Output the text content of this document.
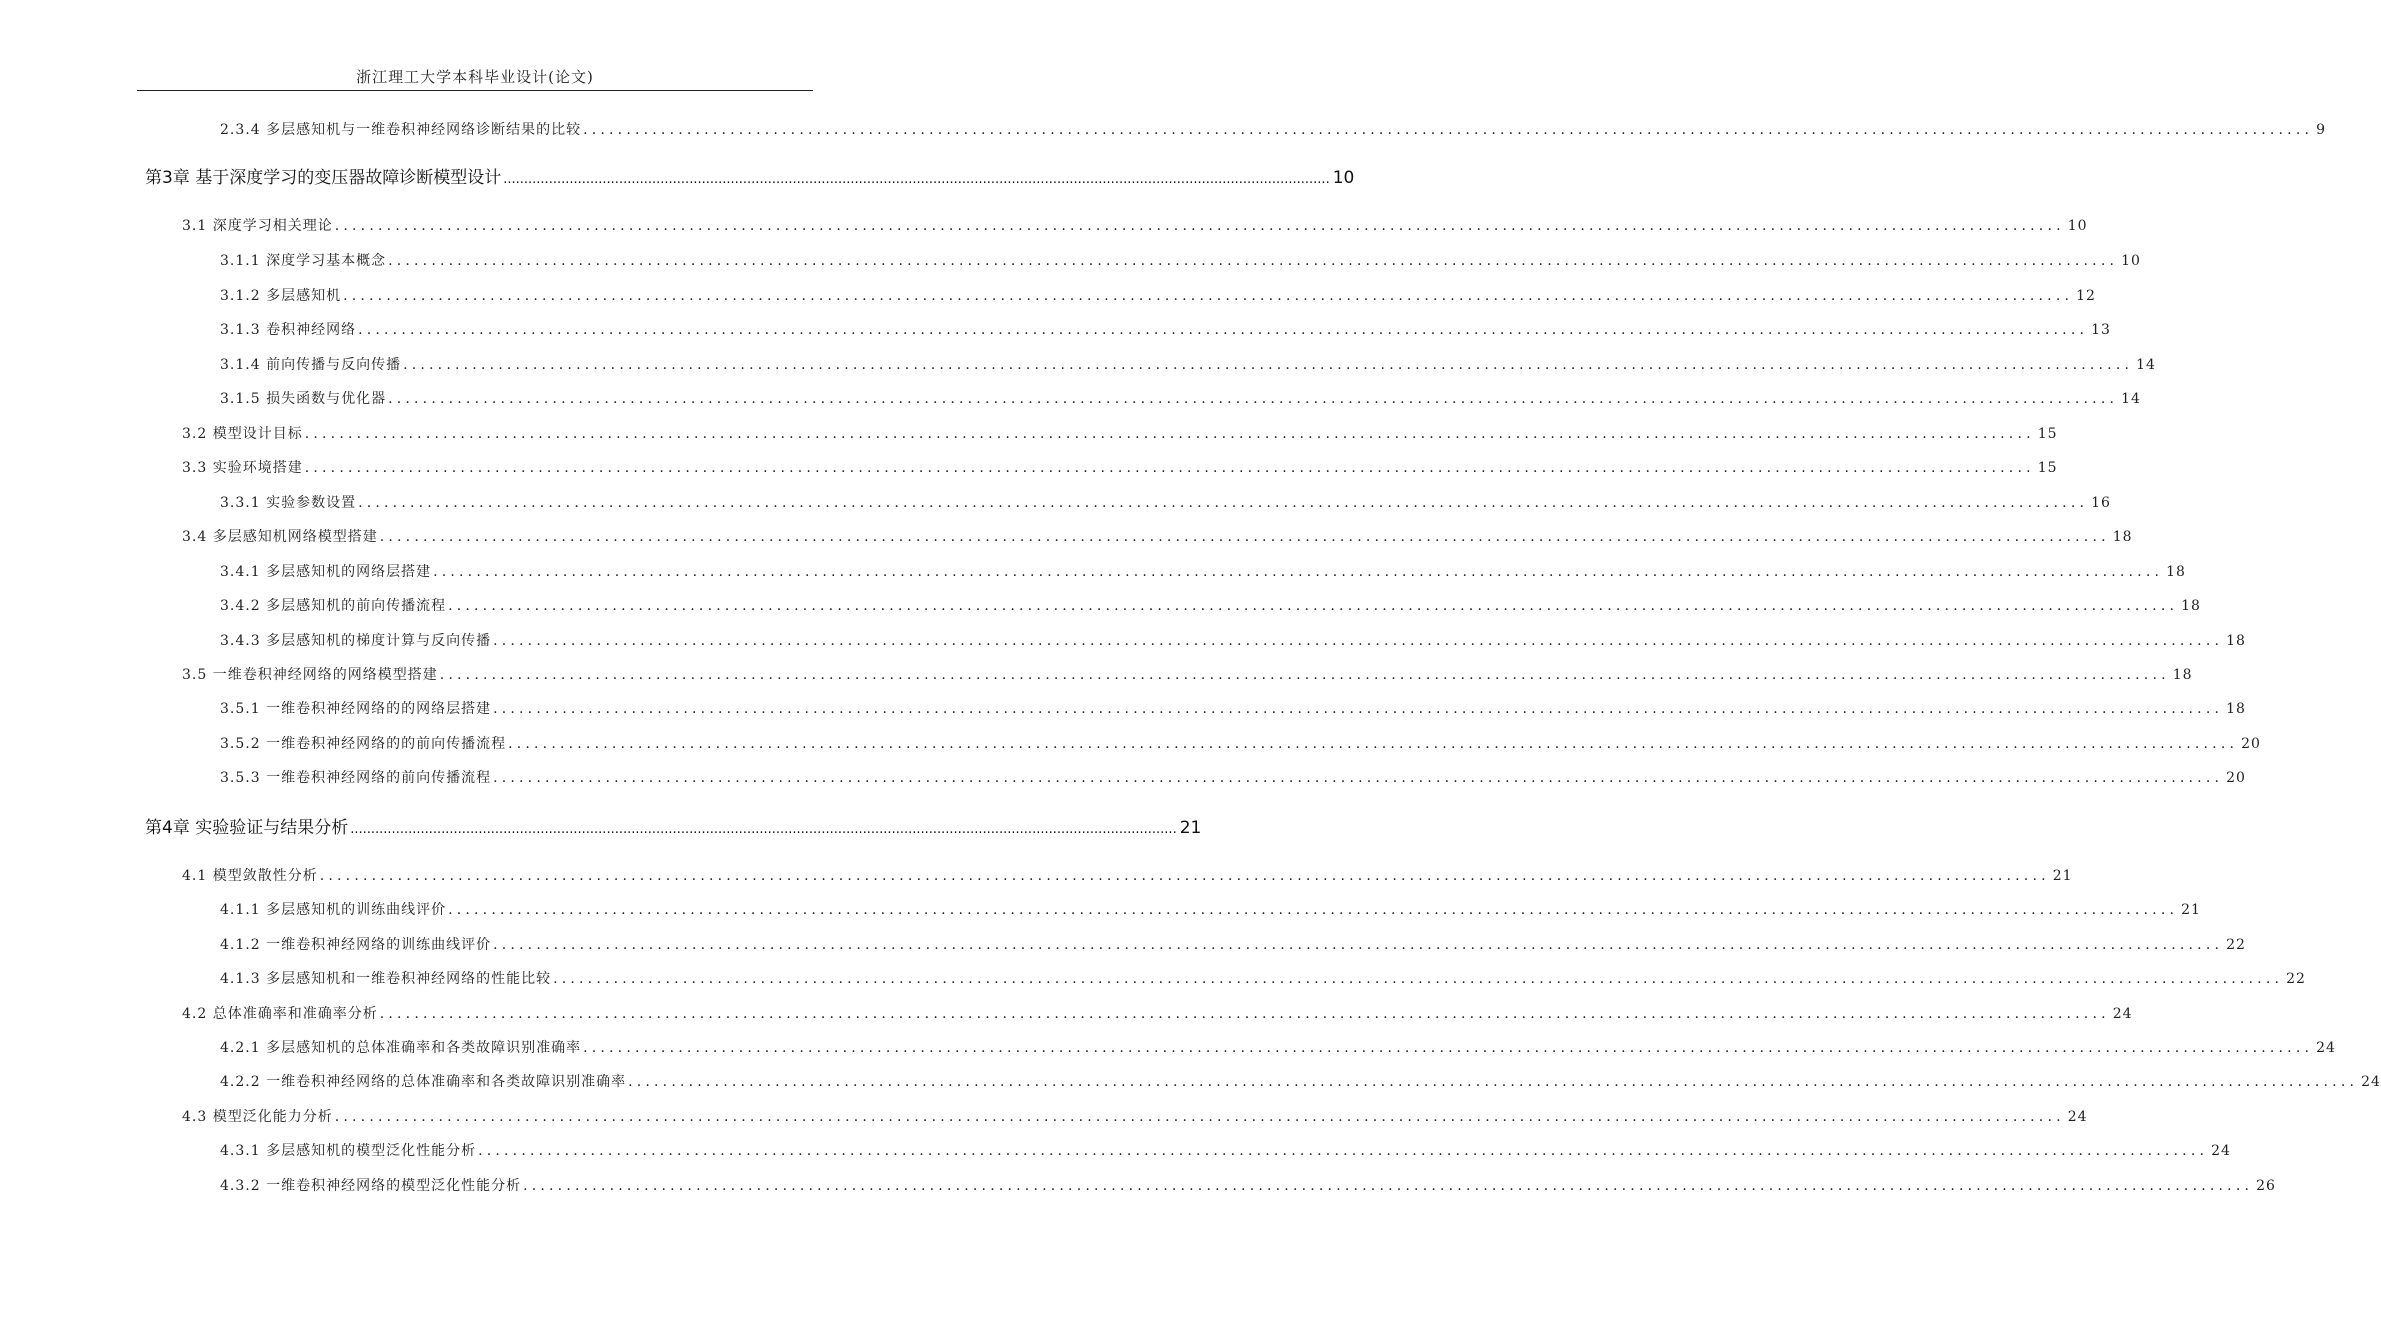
浙江理工大学本科毕业设计(论文)
2.3.4 多层感知机与一维卷积神经网络诊断结果的比较 ........................................................................................................................................................................................................ 9
第3章 基于深度学习的变压器故障诊断模型设计 ........................................................................................................................................................................................................ 10
3.1 深度学习相关理论 ........................................................................................................................................................................................................ 10
3.1.1 深度学习基本概念 ........................................................................................................................................................................................................ 10
3.1.2 多层感知机 ........................................................................................................................................................................................................ 12
3.1.3 卷积神经网络 ........................................................................................................................................................................................................ 13
3.1.4 前向传播与反向传播 ........................................................................................................................................................................................................ 14
3.1.5 损失函数与优化器 ........................................................................................................................................................................................................ 14
3.2 模型设计目标 ........................................................................................................................................................................................................ 15
3.3 实验环境搭建 ........................................................................................................................................................................................................ 15
3.3.1 实验参数设置 ........................................................................................................................................................................................................ 16
3.4 多层感知机网络模型搭建 ........................................................................................................................................................................................................ 18
3.4.1 多层感知机的网络层搭建 ........................................................................................................................................................................................................ 18
3.4.2 多层感知机的前向传播流程 ........................................................................................................................................................................................................ 18
3.4.3 多层感知机的梯度计算与反向传播 ........................................................................................................................................................................................................ 18
3.5 一维卷积神经网络的网络模型搭建 ........................................................................................................................................................................................................ 18
3.5.1 一维卷积神经网络的的网络层搭建 ........................................................................................................................................................................................................ 18
3.5.2 一维卷积神经网络的的前向传播流程 ........................................................................................................................................................................................................ 20
3.5.3 一维卷积神经网络的前向传播流程 ........................................................................................................................................................................................................ 20
第4章 实验验证与结果分析 ........................................................................................................................................................................................................ 21
4.1 模型敛散性分析 ........................................................................................................................................................................................................ 21
4.1.1 多层感知机的训练曲线评价 ........................................................................................................................................................................................................ 21
4.1.2 一维卷积神经网络的训练曲线评价 ........................................................................................................................................................................................................ 22
4.1.3 多层感知机和一维卷积神经网络的性能比较 ........................................................................................................................................................................................................ 22
4.2 总体准确率和准确率分析 ........................................................................................................................................................................................................ 24
4.2.1 多层感知机的总体准确率和各类故障识别准确率 ........................................................................................................................................................................................................ 24
4.2.2 一维卷积神经网络的总体准确率和各类故障识别准确率 ........................................................................................................................................................................................................ 24
4.3 模型泛化能力分析 ........................................................................................................................................................................................................ 24
4.3.1 多层感知机的模型泛化性能分析 ........................................................................................................................................................................................................ 24
4.3.2 一维卷积神经网络的模型泛化性能分析 ........................................................................................................................................................................................................ 26
